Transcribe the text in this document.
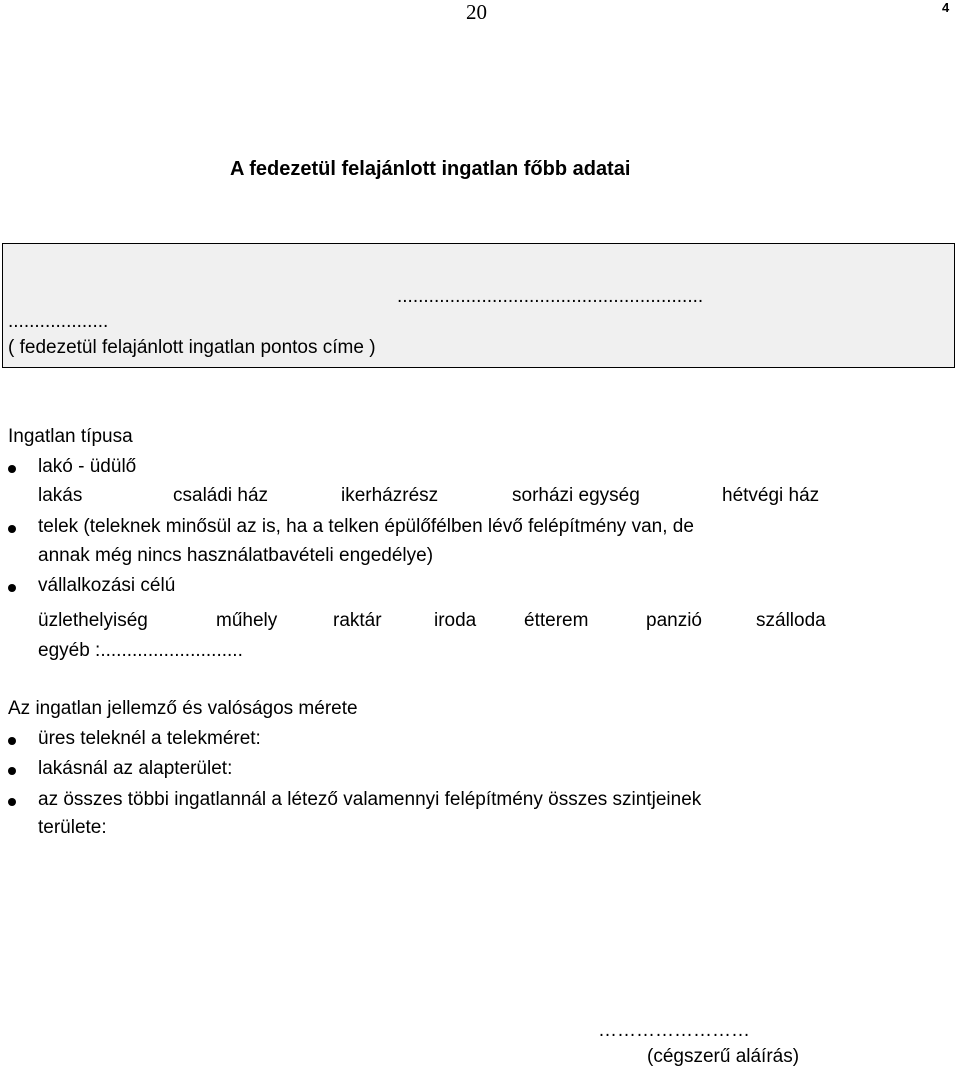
20	4
A fedezetül felajánlott ingatlan főbb adatai
..........................................................
...................
( fedezetül felajánlott ingatlan pontos címe )
Ingatlan típusa
lakó - üdülő
lakás	családi ház	ikerházrész	sorházi egység	hétvégi ház
telek (teleknek minősül az is, ha a telken épülőfélben lévő felépítmény van, de
annak még nincs használatbavételi engedélye)
vállalkozási célú
üzlethelyiség	műhely	raktár	iroda	étterem	panzió	szálloda
egyéb :...........................
Az ingatlan jellemző és valóságos mérete
üres teleknél a telekméret:
lakásnál az alapterület:
az összes többi ingatlannál a létező valamennyi felépítmény összes szintjeinek
területe:
……………………
(cégszerű aláírás)
